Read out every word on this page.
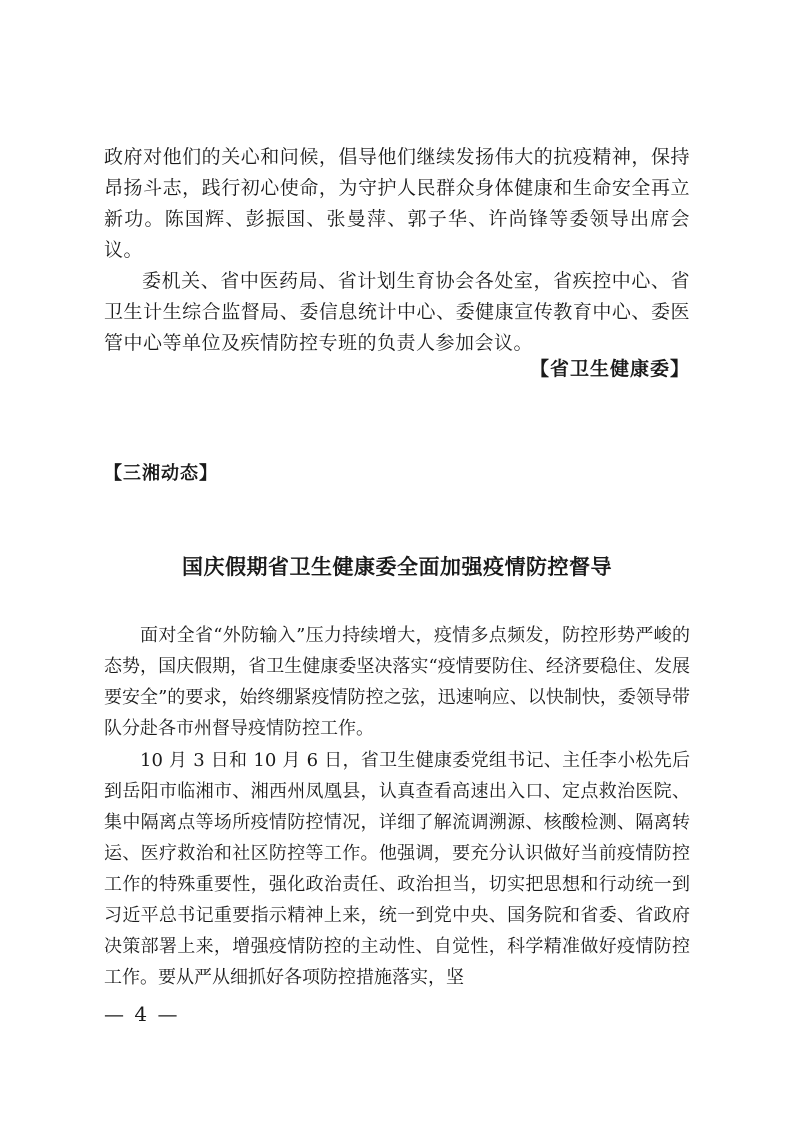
政府对他们的关心和问候，倡导他们继续发扬伟大的抗疫精神，保持昂扬斗志，践行初心使命，为守护人民群众身体健康和生命安全再立新功。陈国辉、彭振国、张曼萍、郭子华、许尚锋等委领导出席会议。

委机关、省中医药局、省计划生育协会各处室，省疾控中心、省卫生计生综合监督局、委信息统计中心、委健康宣传教育中心、委医管中心等单位及疾情防控专班的负责人参加会议。

【省卫生健康委】
【三湘动态】
国庆假期省卫生健康委全面加强疫情防控督导

面对全省“外防输入”压力持续增大，疫情多点频发，防控形势严峻的态势，国庆假期，省卫生健康委坚决落实“疫情要防住、经济要稳住、发展要安全”的要求，始终绷紧疫情防控之弦，迅速响应、以快制快，委领导带队分赴各市州督导疫情防控工作。

10 月 3 日和 10 月 6 日，省卫生健康委党组书记、主任李小松先后到岳阳市临湘市、湘西州凤凰县，认真查看高速出入口、定点救治医院、集中隔离点等场所疫情防控情况，详细了解流调溯源、核酸检测、隔离转运、医疗救治和社区防控等工作。他强调，要充分认识做好当前疫情防控工作的特殊重要性，强化政治责任、政治担当，切实把思想和行动统一到习近平总书记重要指示精神上来，统一到党中央、国务院和省委、省政府决策部署上来，增强疫情防控的主动性、自觉性，科学精准做好疫情防控工作。要从严从细抓好各项防控措施落实，坚

— 4 —
